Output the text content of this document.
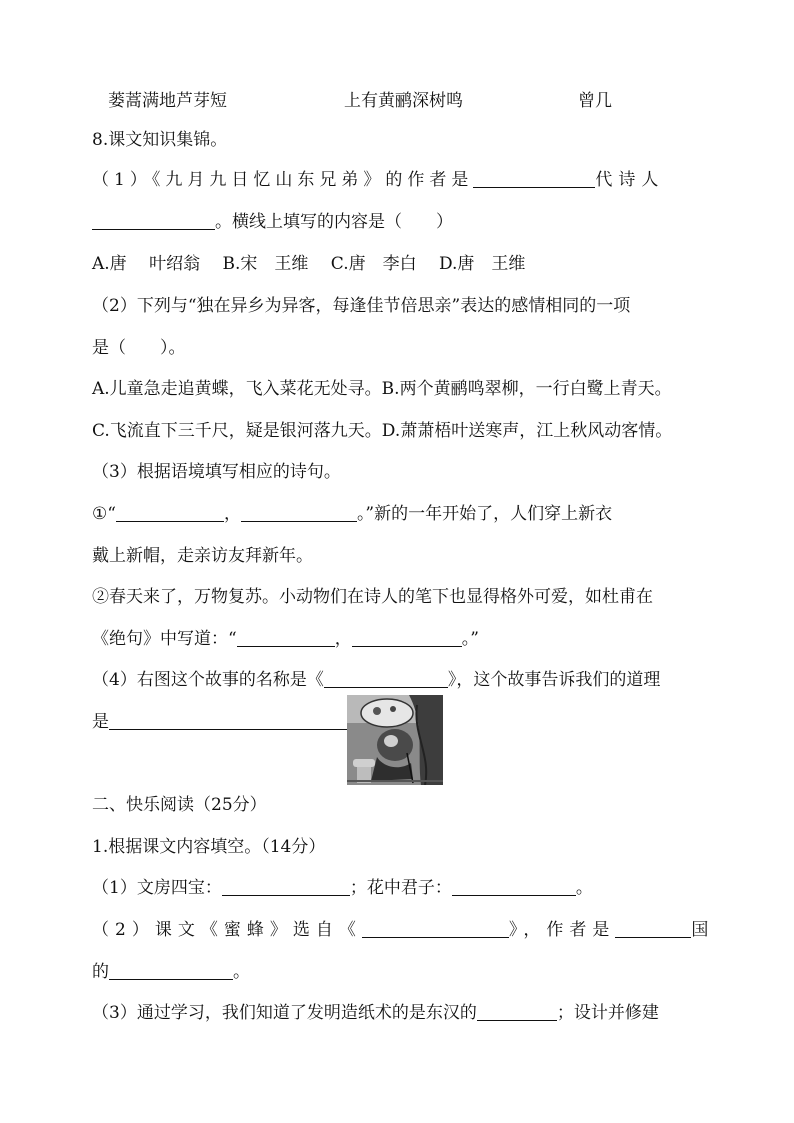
蒌蒿满地芦芽短	上有黄鹂深树鸣	曾几
8.课文知识集锦。
（1）《九月九日忆山东兄弟》的作者是	代诗人
。横线上填写的内容是（　　）
A.唐　 叶绍翁　 B.宋　王维　 C.唐　李白　 D.唐　王维
（2）下列与“独在异乡为异客，每逢佳节倍思亲”表达的感情相同的一项
是（　　）。
A.儿童急走追黄蝶，飞入菜花无处寻。B.两个黄鹂鸣翠柳，一行白鹭上青天。
C.飞流直下三千尺，疑是银河落九天。D.萧萧梧叶送寒声，江上秋风动客情。
（3）根据语境填写相应的诗句。
①“	，	。”新的一年开始了，人们穿上新衣
戴上新帽，走亲访友拜新年。
②春天来了，万物复苏。小动物们在诗人的笔下也显得格外可爱，如杜甫在
《绝句》中写道：“	，	。”
（4）右图这个故事的名称是《	》，这个故事告诉我们的道理
是
二、快乐阅读（25分）
1.根据课文内容填空。（14分）
（1）文房四宝：	；花中君子：	。
（2）课文《蜜蜂》选自《	》，作者是	国
的	。
（3）通过学习，我们知道了发明造纸术的是东汉的	；设计并修建
